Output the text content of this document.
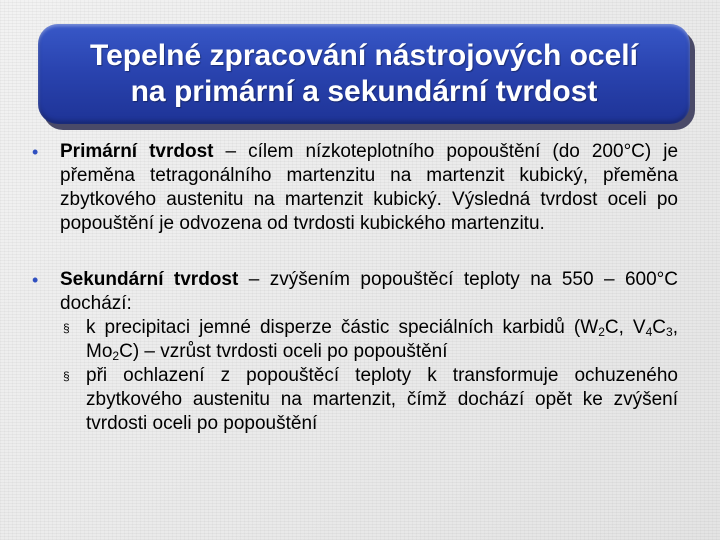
Tepelné zpracování nástrojových ocelí
na primární a sekundární tvrdost
• Primární tvrdost – cílem nízkoteplotního popouštění (do 200°C) je přeměna tetragonálního martenzitu na martenzit kubický, přeměna zbytkového austenitu na martenzit kubický. Výsledná tvrdost oceli po popouštění je odvozena od tvrdosti kubického martenzitu.
• Sekundární tvrdost – zvýšením popouštěcí teploty na 550 – 600°C dochází:
§ k precipitaci jemné disperze částic speciálních karbidů ($W_2C$, $V_4C_3$, $Mo_2C$) – vzrůst tvrdosti oceli po popouštění
§ při ochlazení z popouštěcí teploty k transformuje ochuzeného zbytkového austenitu na martenzit, čímž dochází opět ke zvýšení tvrdosti oceli po popouštění
